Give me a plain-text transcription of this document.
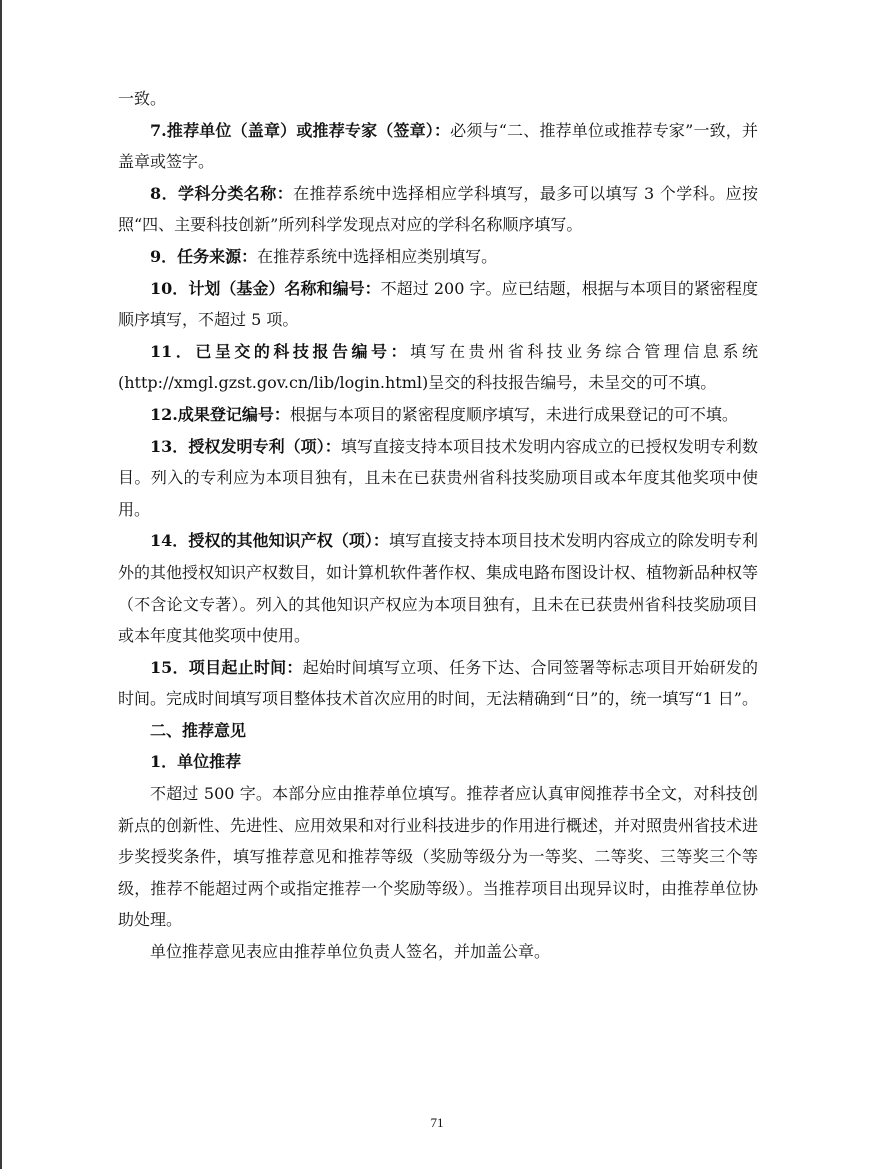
一致。

7.推荐单位（盖章）或推荐专家（签章）：必须与“二、推荐单位或推荐专家”一致，并盖章或签字。

8．学科分类名称：在推荐系统中选择相应学科填写，最多可以填写 3 个学科。应按照“四、主要科技创新”所列科学发现点对应的学科名称顺序填写。

9．任务来源：在推荐系统中选择相应类别填写。

10．计划（基金）名称和编号：不超过 200 字。应已结题，根据与本项目的紧密程度顺序填写，不超过 5 项。

11．已呈交的科技报告编号：填写在贵州省科技业务综合管理信息系统(http://xmgl.gzst.gov.cn/lib/login.html)呈交的科技报告编号，未呈交的可不填。

12.成果登记编号：根据与本项目的紧密程度顺序填写，未进行成果登记的可不填。

13．授权发明专利（项）：填写直接支持本项目技术发明内容成立的已授权发明专利数目。列入的专利应为本项目独有，且未在已获贵州省科技奖励项目或本年度其他奖项中使用。

14．授权的其他知识产权（项）：填写直接支持本项目技术发明内容成立的除发明专利外的其他授权知识产权数目，如计算机软件著作权、集成电路布图设计权、植物新品种权等（不含论文专著）。列入的其他知识产权应为本项目独有，且未在已获贵州省科技奖励项目或本年度其他奖项中使用。

15．项目起止时间：起始时间填写立项、任务下达、合同签署等标志项目开始研发的时间。完成时间填写项目整体技术首次应用的时间，无法精确到“日”的，统一填写“1 日”。

二、推荐意见

1．单位推荐

不超过 500 字。本部分应由推荐单位填写。推荐者应认真审阅推荐书全文，对科技创新点的创新性、先进性、应用效果和对行业科技进步的作用进行概述，并对照贵州省技术进步奖授奖条件，填写推荐意见和推荐等级（奖励等级分为一等奖、二等奖、三等奖三个等级，推荐不能超过两个或指定推荐一个奖励等级）。当推荐项目出现异议时，由推荐单位协助处理。

单位推荐意见表应由推荐单位负责人签名，并加盖公章。

71
